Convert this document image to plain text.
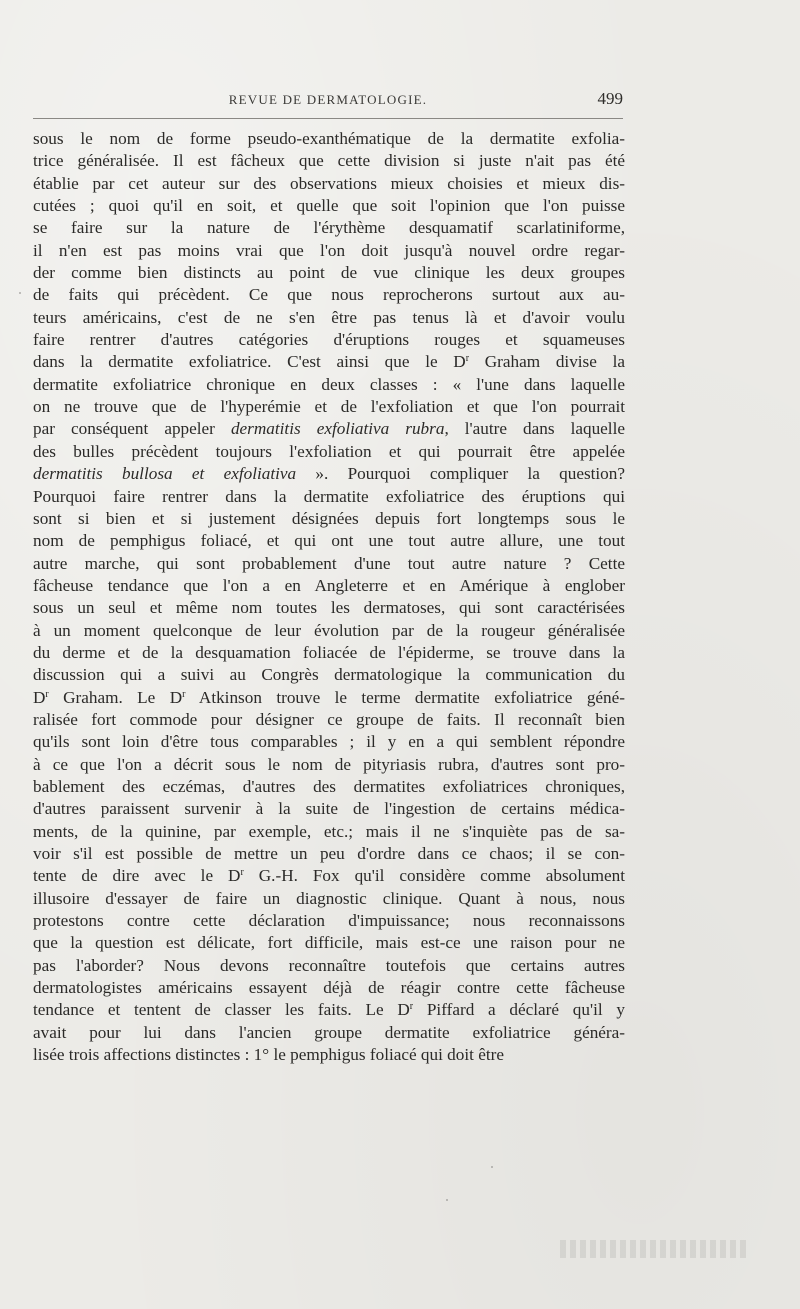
REVUE DE DERMATOLOGIE.	499
sous le nom de forme pseudo-exanthématique de la dermatite exfolia-
trice généralisée. Il est fâcheux que cette division si juste n'ait pas été
établie par cet auteur sur des observations mieux choisies et mieux dis-
cutées ; quoi qu'il en soit, et quelle que soit l'opinion que l'on puisse
se faire sur la nature de l'érythème desquamatif scarlatiniforme,
il n'en est pas moins vrai que l'on doit jusqu'à nouvel ordre regar-
der comme bien distincts au point de vue clinique les deux groupes
de faits qui précèdent. Ce que nous reprocherons surtout aux au-
teurs américains, c'est de ne s'en être pas tenus là et d'avoir voulu
faire rentrer d'autres catégories d'éruptions rouges et squameuses
dans la dermatite exfoliatrice. C'est ainsi que le $D^r$ Graham divise la
dermatite exfoliatrice chronique en deux classes : « l'une dans laquelle
on ne trouve que de l'hyperémie et de l'exfoliation et que l'on pourrait
par conséquent appeler dermatitis exfoliativa rubra, l'autre dans laquelle
des bulles précèdent toujours l'exfoliation et qui pourrait être appelée
dermatitis bullosa et exfoliativa ». Pourquoi compliquer la question?
Pourquoi faire rentrer dans la dermatite exfoliatrice des éruptions qui
sont si bien et si justement désignées depuis fort longtemps sous le
nom de pemphigus foliacé, et qui ont une tout autre allure, une tout
autre marche, qui sont probablement d'une tout autre nature ? Cette
fâcheuse tendance que l'on a en Angleterre et en Amérique à englober
sous un seul et même nom toutes les dermatoses, qui sont caractérisées
à un moment quelconque de leur évolution par de la rougeur généralisée
du derme et de la desquamation foliacée de l'épiderme, se trouve dans la
discussion qui a suivi au Congrès dermatologique la communication du
$D^r$ Graham. Le $D^r$ Atkinson trouve le terme dermatite exfoliatrice géné-
ralisée fort commode pour désigner ce groupe de faits. Il reconnaît bien
qu'ils sont loin d'être tous comparables ; il y en a qui semblent répondre
à ce que l'on a décrit sous le nom de pityriasis rubra, d'autres sont pro-
bablement des eczémas, d'autres des dermatites exfoliatrices chroniques,
d'autres paraissent survenir à la suite de l'ingestion de certains médica-
ments, de la quinine, par exemple, etc.; mais il ne s'inquiète pas de sa-
voir s'il est possible de mettre un peu d'ordre dans ce chaos; il se con-
tente de dire avec le $D^r$ G.-H. Fox qu'il considère comme absolument
illusoire d'essayer de faire un diagnostic clinique. Quant à nous, nous
protestons contre cette déclaration d'impuissance; nous reconnaissons
que la question est délicate, fort difficile, mais est-ce une raison pour ne
pas l'aborder? Nous devons reconnaître toutefois que certains autres
dermatologistes américains essayent déjà de réagir contre cette fâcheuse
tendance et tentent de classer les faits. Le $D^r$ Piffard a déclaré qu'il y
avait pour lui dans l'ancien groupe dermatite exfoliatrice généra-
lisée trois affections distinctes : 1° le pemphigus foliacé qui doit être
